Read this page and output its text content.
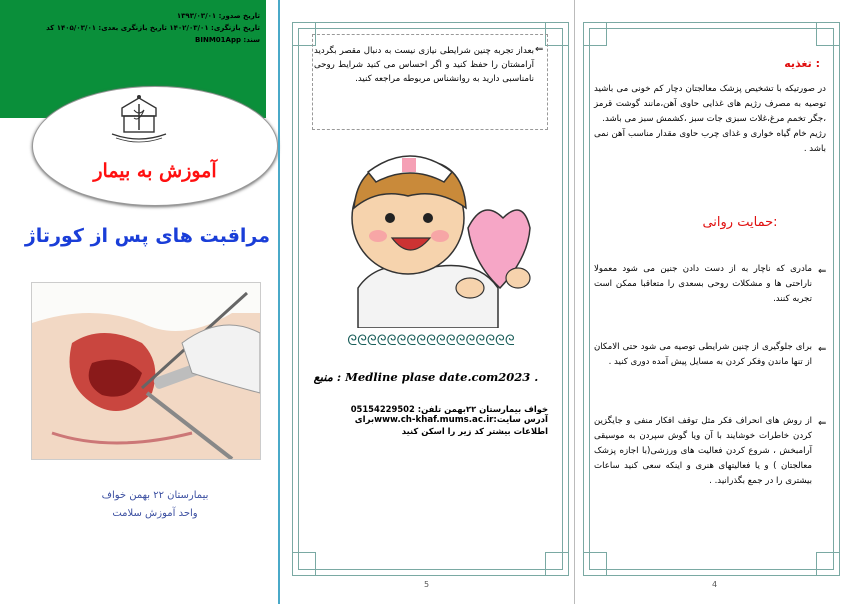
تاریخ صدور: ۱۳۹۳/۰۳/۰۱
تاریخ بازنگری: ۱۴۰۲/۰۳/۰۱ تاریخ بازنگری بعدی: ۱۴۰۵/۰۳/۰۱ کد
سند: BINM01App
آموزش به بیمار
مراقبت های پس از کورتاژ
بیمارستان ۲۲ بهمن خواف
واحد آموزش سلامت
⇐
بعداز تجربه چنین شرایطی نیازی نیست به دنبال مقصر بگردید آرامشتان را حفظ کنید و اگر احساس می کنید شرایط روحی نامناسبی دارید به روانشناس مربوطه مراجعه کنید.
ᘓᘓᘓᘓᘓᘓᘓᘓᘓᘓᘓᘓᘓᘓᘓᘓᘓ
منبع : Medline plase date.com2023 .
خواف بیمارستان ۲۲بهمن تلفن: 05154229502
آدرس سایت:www.ch-khaf.mums.ac.irبرای
اطلاعات بیشتر کد زیر را اسکن کنید
5
تغذیه :
در صورتیکه با تشخیص پزشک معالجتان دچار کم خونی می باشید توصیه به مصرف رژیم های غذایی حاوی آهن،مانند گوشت قرمز ،جگر تخمم مرغ،غلات سبزی جات سبز ،کشمش سبز می باشد.
رژیم خام گیاه خواری و غذای چرب حاوی مقدار مناسب آهن نمی باشد .
حمایت روانی:
⇐
مادری که ناچار به از دست دادن جنین می شود معمولا ناراحتی ها و مشکلات روحی بسعدی را متعاقبا ممکن است تجربه کنند.
⇐
برای جلوگیری از چنین شرایطی توصیه می شود حتی الامکان از تنها ماندن وفکر کردن به مسایل پیش آمده دوری کنید .
⇐
از روش های انحراف فکر مثل توقف افکار منفی و جایگزین کردن خاطرات خوشایند با آن ویا گوش سپردن به موسیقی آرامبخش ، شروع کردن فعالیت های ورزشی(با اجازه پزشک معالجتان ) و یا فعالیتهای هنری و اینکه سعی کنید ساعات بیشتری را در جمع بگذرانید. .
4
